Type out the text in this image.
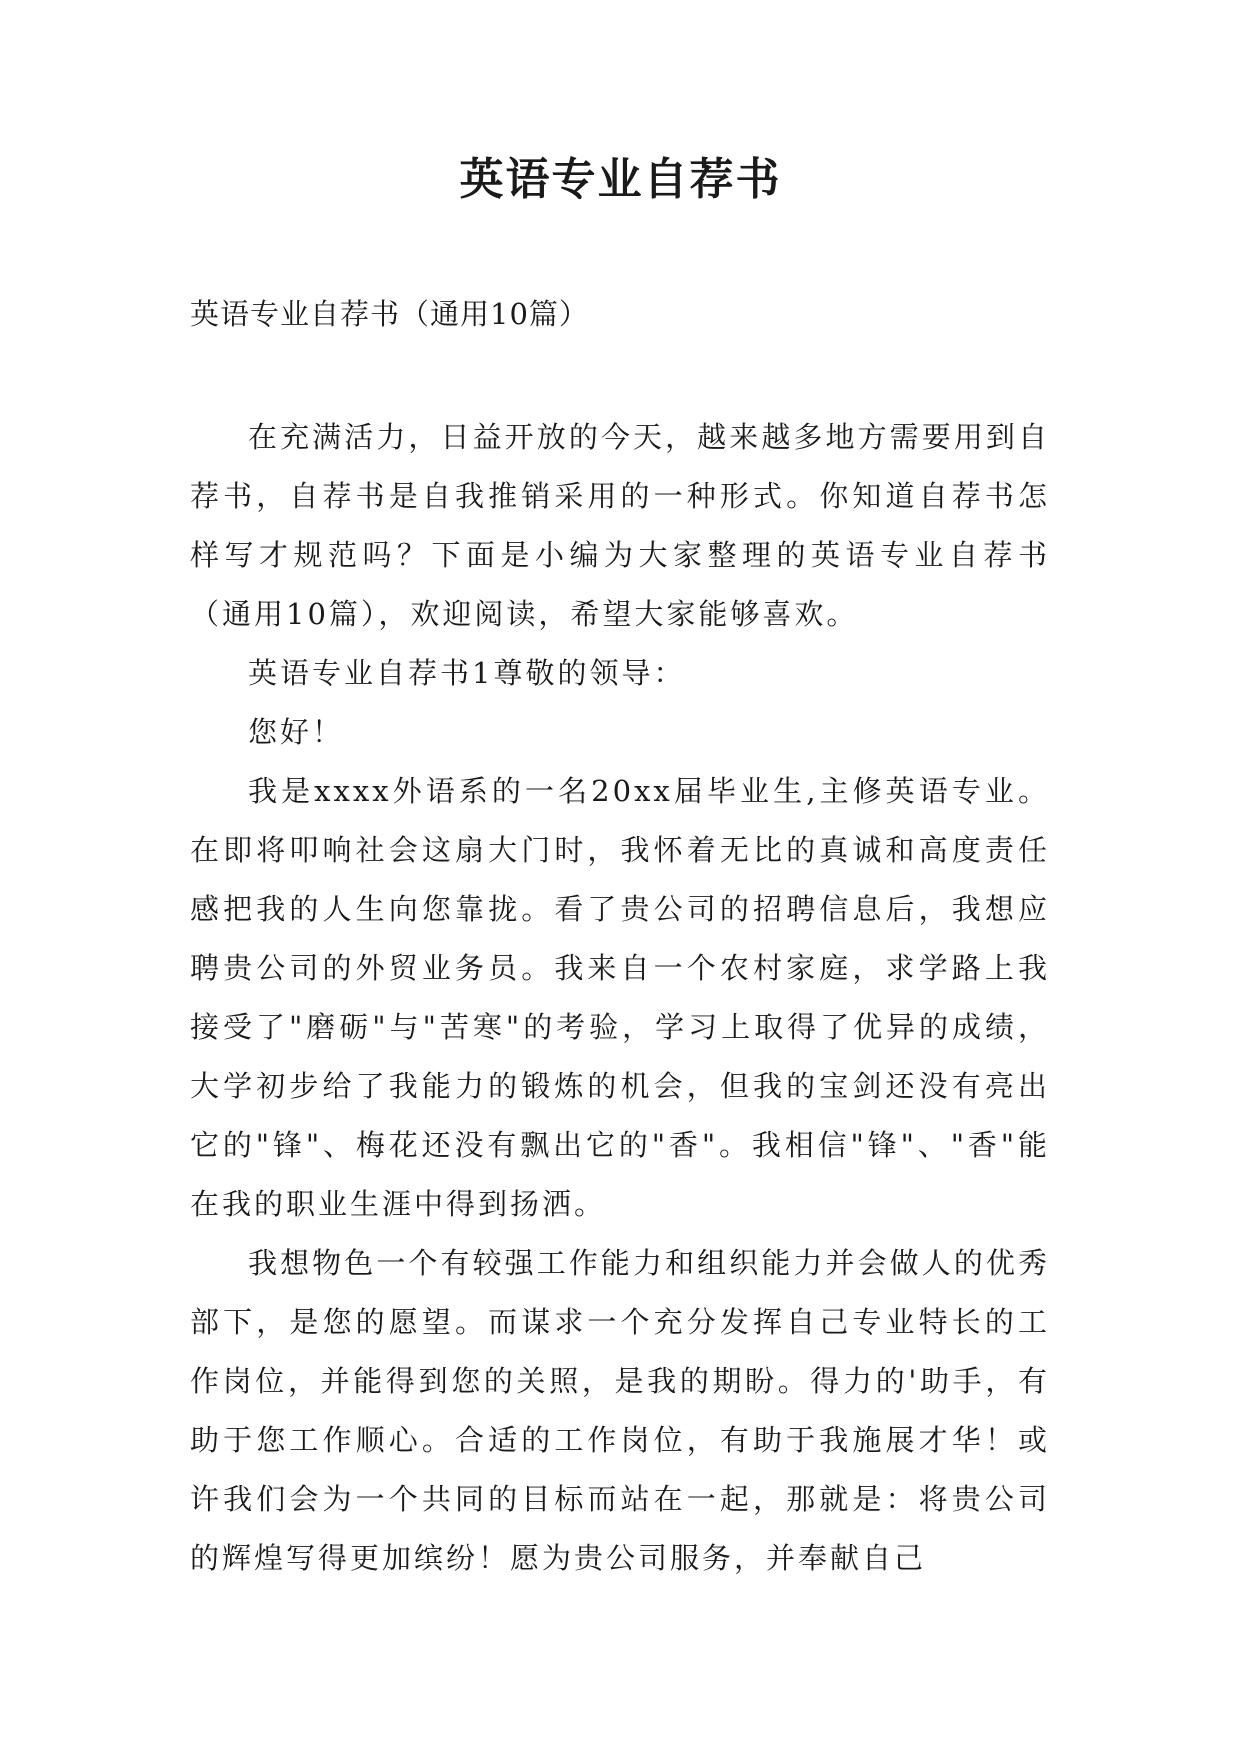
英语专业自荐书
英语专业自荐书（通用10篇）

在充满活力，日益开放的今天，越来越多地方需要用到自荐书，自荐书是自我推销采用的一种形式。你知道自荐书怎样写才规范吗？下面是小编为大家整理的英语专业自荐书（通用10篇），欢迎阅读，希望大家能够喜欢。

英语专业自荐书1尊敬的领导：

您好！

我是xxxx外语系的一名20xx届毕业生,主修英语专业。在即将叩响社会这扇大门时，我怀着无比的真诚和高度责任感把我的人生向您靠拢。看了贵公司的招聘信息后，我想应聘贵公司的外贸业务员。我来自一个农村家庭，求学路上我接受了"磨砺"与"苦寒"的考验，学习上取得了优异的成绩，大学初步给了我能力的锻炼的机会，但我的宝剑还没有亮出它的"锋"、梅花还没有飘出它的"香"。我相信"锋"、"香"能在我的职业生涯中得到扬洒。

我想物色一个有较强工作能力和组织能力并会做人的优秀部下，是您的愿望。而谋求一个充分发挥自己专业特长的工作岗位，并能得到您的关照，是我的期盼。得力的'助手，有助于您工作顺心。合适的工作岗位，有助于我施展才华！或许我们会为一个共同的目标而站在一起，那就是：将贵公司的辉煌写得更加缤纷！愿为贵公司服务，并奉献自己
